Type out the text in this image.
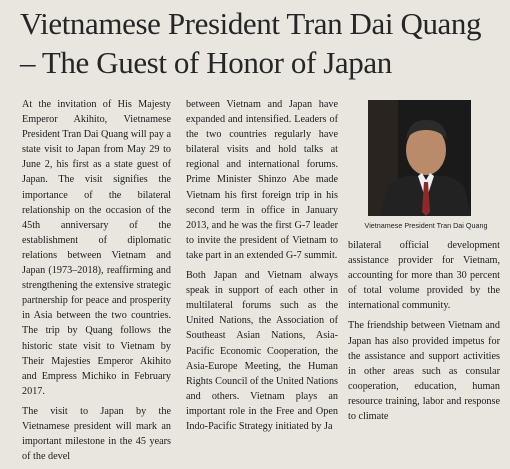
Vietnamese President Tran Dai Quang
– The Guest of Honor of Japan

At the invitation of His Majesty Emperor Akihito, Vietnamese President Tran Dai Quang will pay a state visit to Japan from May 29 to June 2, his first as a state guest of Japan. The visit signifies the importance of the bilateral relationship on the occasion of the 45th anniversary of the establishment of diplomatic relations between Vietnam and Japan (1973–2018), reaffirming and strengthening the extensive strategic partnership for peace and prosperity in Asia between the two countries. The trip by Quang follows the historic state visit to Vietnam by Their Majesties Emperor Akihito and Empress Michiko in February 2017.

The visit to Japan by the Vietnamese president will mark an important milestone in the 45 years of the devel

between Vietnam and Japan have expanded and intensified. Leaders of the two countries regularly have bilateral visits and hold talks at regional and international forums. Prime Minister Shinzo Abe made Vietnam his first foreign trip in his second term in office in January 2013, and he was the first G-7 leader to invite the president of Vietnam to take part in an extended G-7 summit.

Both Japan and Vietnam always speak in support of each other in multilateral forums such as the United Nations, the Association of Southeast Asian Nations, Asia-Pacific Economic Cooperation, the Asia-Europe Meeting, the Human Rights Council of the United Nations and others. Vietnam plays an important role in the Free and Open Indo-Pacific Strategy initiated by Ja

Vietnamese President Tran Dai Quang

bilateral official development assistance provider for Vietnam, accounting for more than 30 percent of total volume provided by the international community.

The friendship between Vietnam and Japan has also provided impetus for the assistance and support activities in other areas such as consular cooperation, education, human resource training, labor and response to climate
